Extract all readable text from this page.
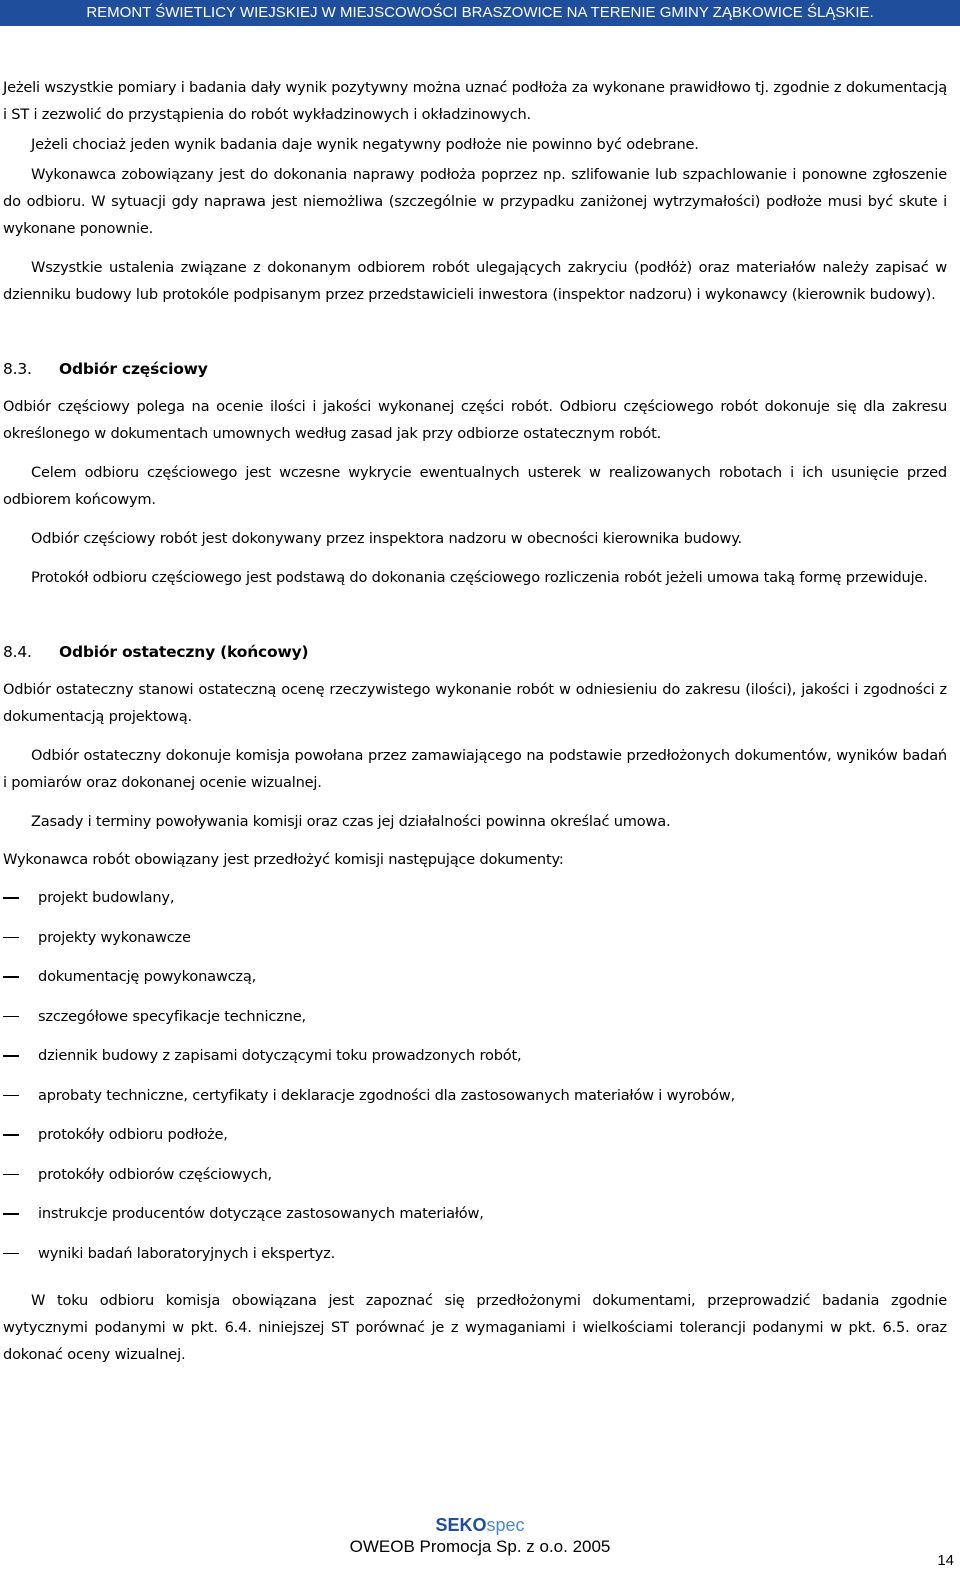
REMONT ŚWIETLICY WIEJSKIEJ W MIEJSCOWOŚCI BRASZOWICE NA TERENIE GMINY ZĄBKOWICE ŚLĄSKIE.

Jeżeli wszystkie pomiary i badania dały wynik pozytywny można uznać podłoża za wykonane prawidłowo tj. zgodnie z dokumentacją i ST i zezwolić do przystąpienia do robót wykładzinowych i okładzinowych.

Jeżeli chociaż jeden wynik badania daje wynik negatywny podłoże nie powinno być odebrane.

Wykonawca zobowiązany jest do dokonania naprawy podłoża poprzez np. szlifowanie lub szpachlowanie i ponowne zgłoszenie do odbioru. W sytuacji gdy naprawa jest niemożliwa (szczególnie w przypadku zaniżonej wytrzymałości) podłoże musi być skute i wykonane ponownie.

Wszystkie ustalenia związane z dokonanym odbiorem robót ulegających zakryciu (podłóż) oraz materiałów należy zapisać w dzienniku budowy lub protokóle podpisanym przez przedstawicieli inwestora (inspektor nadzoru) i wykonawcy (kierownik budowy).

8.3.	Odbiór częściowy

Odbiór częściowy polega na ocenie ilości i jakości wykonanej części robót. Odbioru częściowego robót dokonuje się dla zakresu określonego w dokumentach umownych według zasad jak przy odbiorze ostatecznym robót.

Celem odbioru częściowego jest wczesne wykrycie ewentualnych usterek w realizowanych robotach i ich usunięcie przed odbiorem końcowym.

Odbiór częściowy robót jest dokonywany przez inspektora nadzoru w obecności kierownika budowy.

Protokół odbioru częściowego jest podstawą do dokonania częściowego rozliczenia robót jeżeli umowa taką formę przewiduje.

8.4.	Odbiór ostateczny (końcowy)

Odbiór ostateczny stanowi ostateczną ocenę rzeczywistego wykonanie robót w odniesieniu do zakresu (ilości), jakości i zgodności z dokumentacją projektową.

Odbiór ostateczny dokonuje komisja powołana przez zamawiającego na podstawie przedłożonych dokumentów, wyników badań i pomiarów oraz dokonanej ocenie wizualnej.

Zasady i terminy powoływania komisji oraz czas jej działalności powinna określać umowa.

Wykonawca robót obowiązany jest przedłożyć komisji następujące dokumenty:

projekt budowlany,
projekty wykonawcze
dokumentację powykonawczą,
szczegółowe specyfikacje techniczne,
dziennik budowy z zapisami dotyczącymi toku prowadzonych robót,
aprobaty techniczne, certyfikaty i deklaracje zgodności dla zastosowanych materiałów i wyrobów,
protokóły odbioru podłoże,
protokóły odbiorów częściowych,
instrukcje producentów dotyczące zastosowanych materiałów,
wyniki badań laboratoryjnych i ekspertyz.

W toku odbioru komisja obowiązana jest zapoznać się przedłożonymi dokumentami, przeprowadzić badania zgodnie wytycznymi podanymi w pkt. 6.4. niniejszej ST porównać je z wymaganiami i wielkościami tolerancji podanymi w pkt. 6.5. oraz dokonać oceny wizualnej.

SEKOspec
OWEOB Promocja Sp. z o.o. 2005
14
